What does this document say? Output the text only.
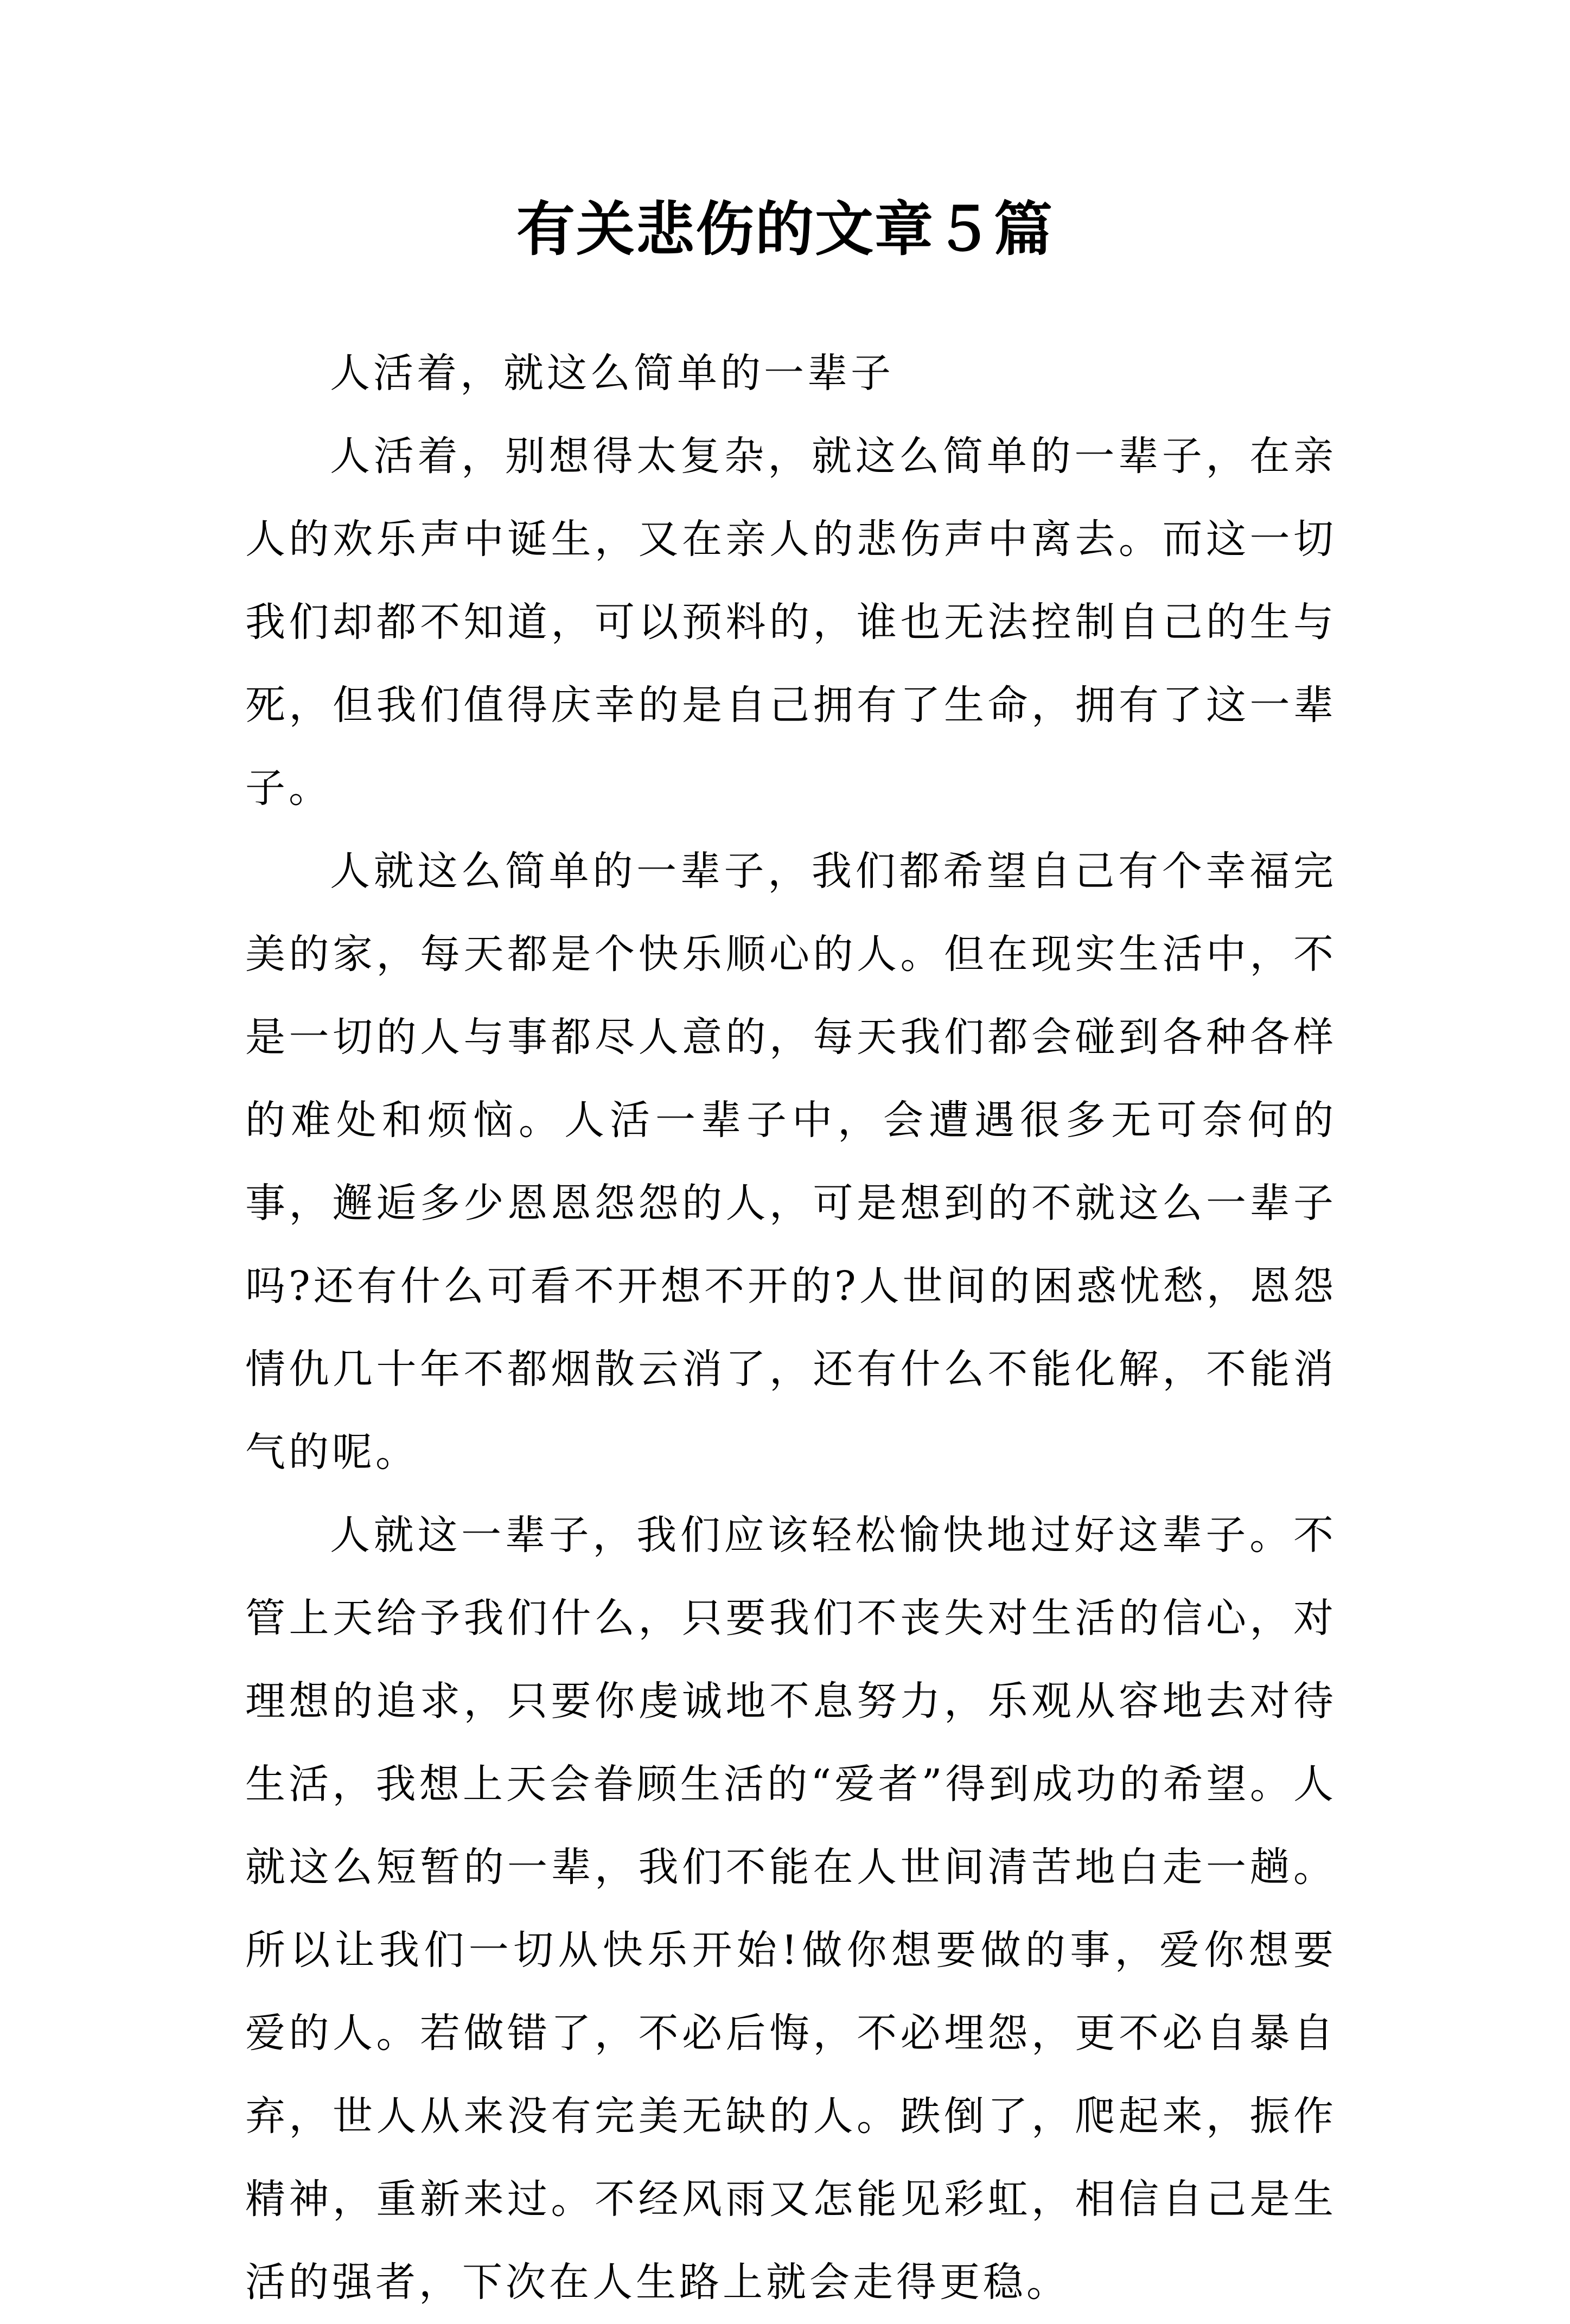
有关悲伤的文章５篇

人活着，就这么简单的一辈子

人活着，别想得太复杂，就这么简单的一辈子，在亲人的欢乐声中诞生，又在亲人的悲伤声中离去。而这一切我们却都不知道，可以预料的，谁也无法控制自己的生与死，但我们值得庆幸的是自己拥有了生命，拥有了这一辈子。

人就这么简单的一辈子，我们都希望自己有个幸福完美的家，每天都是个快乐顺心的人。但在现实生活中，不是一切的人与事都尽人意的，每天我们都会碰到各种各样的难处和烦恼。人活一辈子中，会遭遇很多无可奈何的事，邂逅多少恩恩怨怨的人，可是想到的不就这么一辈子吗?还有什么可看不开想不开的?人世间的困惑忧愁，恩怨情仇几十年不都烟散云消了，还有什么不能化解，不能消气的呢。

人就这一辈子，我们应该轻松愉快地过好这辈子。不管上天给予我们什么，只要我们不丧失对生活的信心，对理想的追求，只要你虔诚地不息努力，乐观从容地去对待生活，我想上天会眷顾生活的“爱者”得到成功的希望。人就这么短暂的一辈，我们不能在人世间清苦地白走一趟。所以让我们一切从快乐开始!做你想要做的事，爱你想要爱的人。若做错了，不必后悔，不必埋怨，更不必自暴自弃，世人从来没有完美无缺的人。跌倒了，爬起来，振作精神，重新来过。不经风雨又怎能见彩虹，相信自己是生活的强者，下次在人生路上就会走得更稳。
